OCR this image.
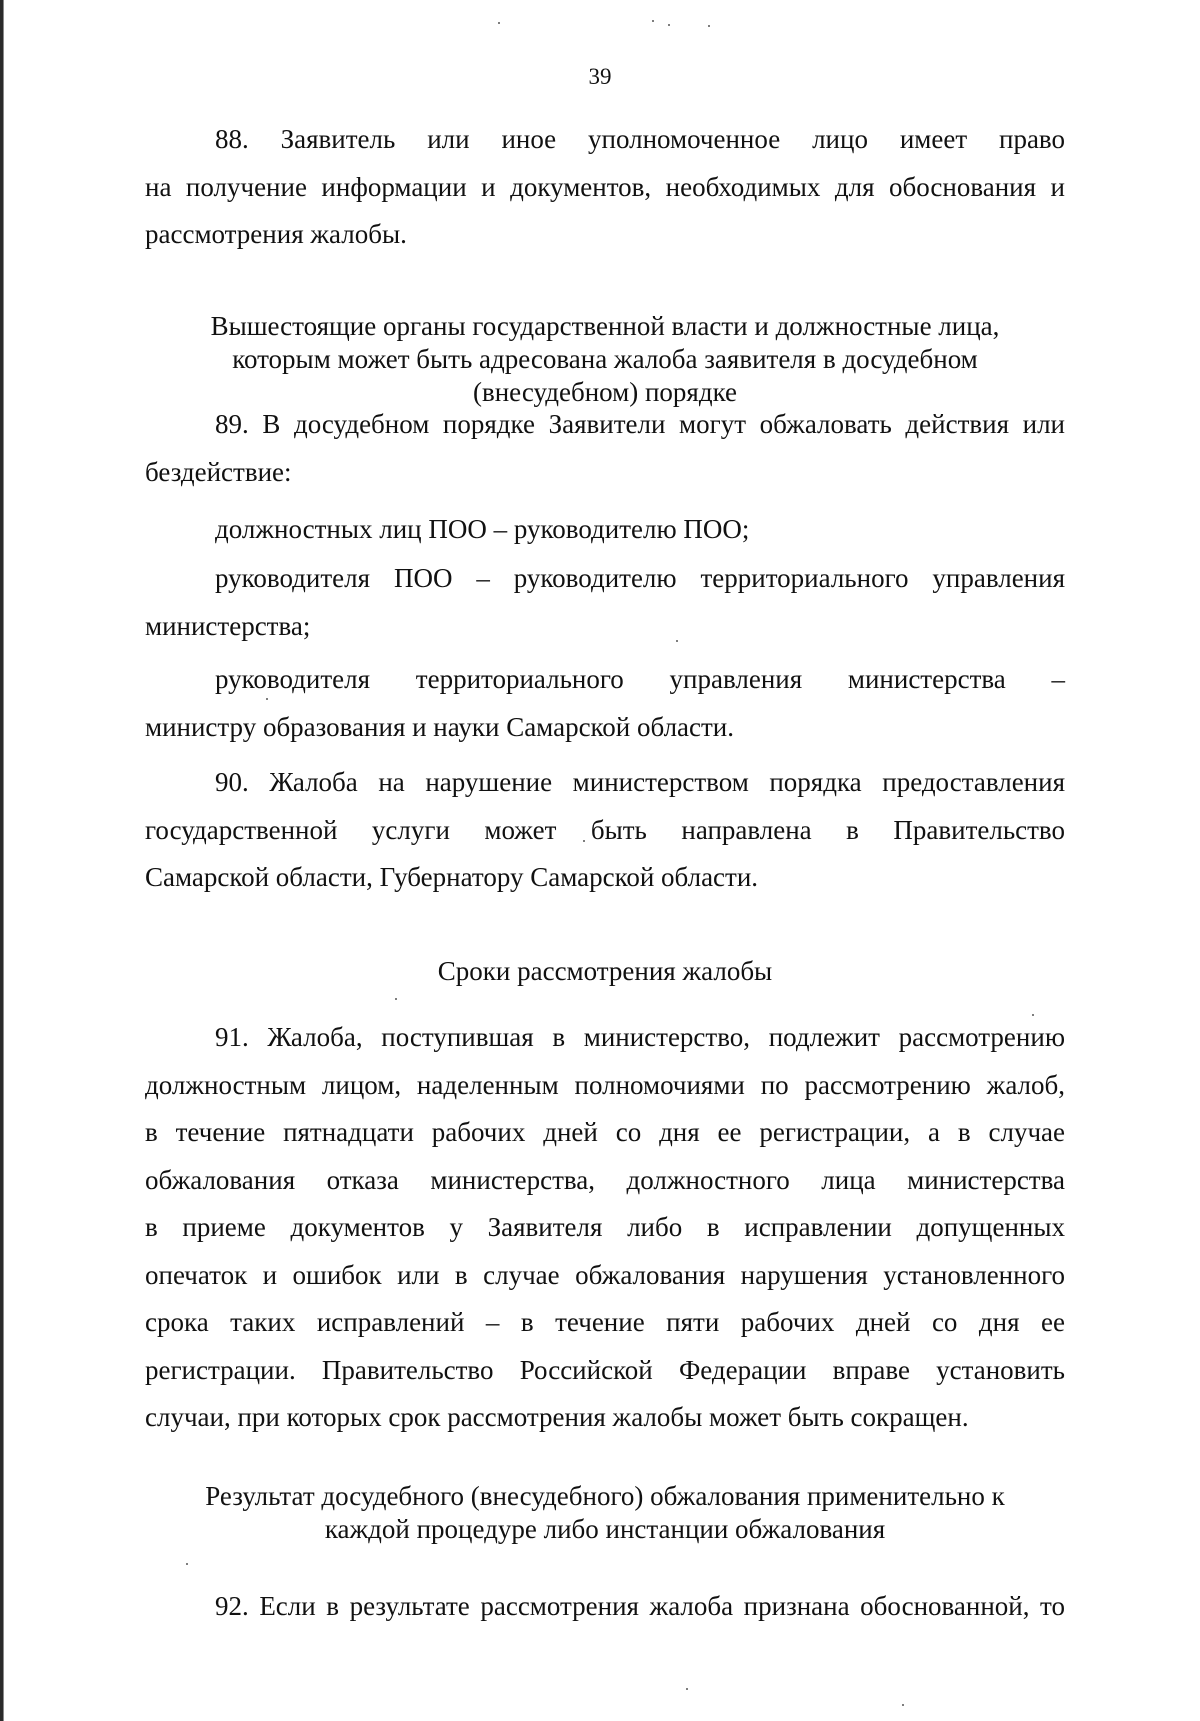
39
88. Заявитель или иное уполномоченное лицо имеет право
на получение информации и документов, необходимых для обоснования и
рассмотрения жалобы.
Вышестоящие органы государственной власти и должностные лица,
которым может быть адресована жалоба заявителя в досудебном
(внесудебном) порядке
89. В досудебном порядке Заявители могут обжаловать действия или
бездействие:
должностных лиц ПОО – руководителю ПОО;
руководителя ПОО – руководителю территориального управления
министерства;
руководителя территориального управления министерства –
министру образования и науки Самарской области.
90. Жалоба на нарушение министерством порядка предоставления
государственной услуги может быть направлена в Правительство
Самарской области, Губернатору Самарской области.
Сроки рассмотрения жалобы
91. Жалоба, поступившая в министерство, подлежит рассмотрению
должностным лицом, наделенным полномочиями по рассмотрению жалоб,
в течение пятнадцати рабочих дней со дня ее регистрации, а в случае
обжалования отказа министерства, должностного лица министерства
в приеме документов у Заявителя либо в исправлении допущенных
опечаток и ошибок или в случае обжалования нарушения установленного
срока таких исправлений – в течение пяти рабочих дней со дня ее
регистрации. Правительство Российской Федерации вправе установить
случаи, при которых срок рассмотрения жалобы может быть сокращен.
Результат досудебного (внесудебного) обжалования применительно к
каждой процедуре либо инстанции обжалования
92. Если в результате рассмотрения жалоба признана обоснованной, то
